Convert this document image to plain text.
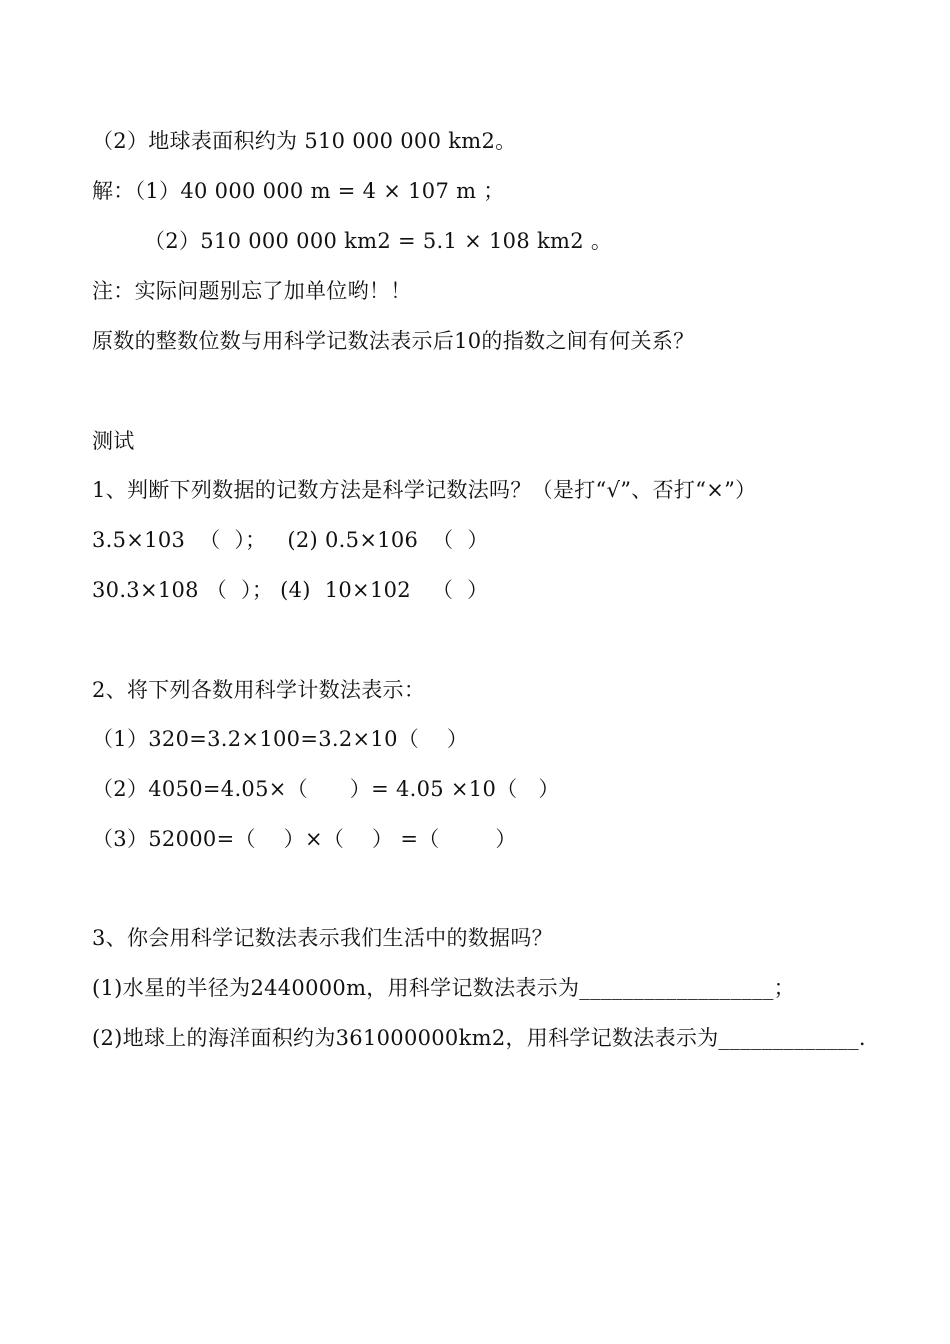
（2）地球表面积约为 510 000 000 km2。
解：（1）40 000 000 m = 4 × 107 m ；
（2）510 000 000 km2 = 5.1 × 108 km2 。
注：实际问题别忘了加单位哟！！
原数的整数位数与用科学记数法表示后10的指数之间有何关系？
测试
1、判断下列数据的记数方法是科学记数法吗？（是打“√”、否打“×”）
3.5×103  （  ）；   (2) 0.5×106  （  ）
30.3×108 （  ）； (4)  10×102   （  ）
2、将下列各数用科学计数法表示：
（1）320=3.2×100=3.2×10（    ）
（2）4050=4.05×（      ）= 4.05 ×10（   ）
（3）52000=（    ）×（    ） =（        ）
3、你会用科学记数法表示我们生活中的数据吗？
(1)水星的半径为2440000m，用科学记数法表示为__________________；
(2)地球上的海洋面积约为361000000km2，用科学记数法表示为_____________.
